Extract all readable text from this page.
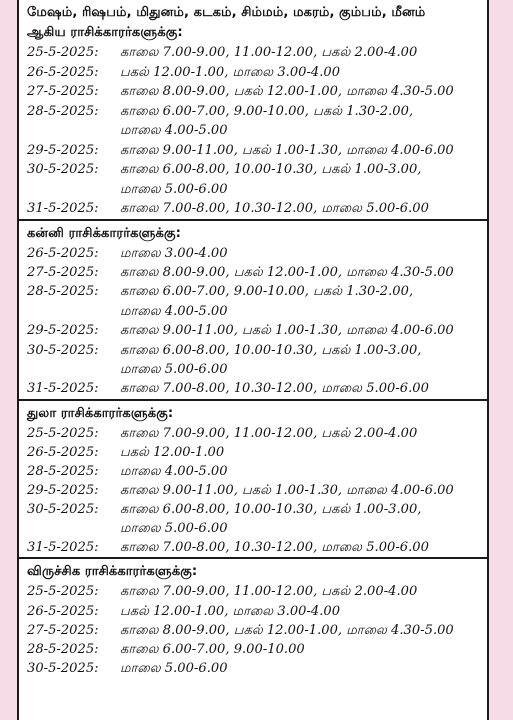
மேஷம், ரிஷபம், மிதுனம், கடகம், சிம்மம், மகரம், கும்பம், மீனம்
ஆகிய ராசிக்காரர்களுக்கு:
25-5-2025:	காலை 7.00-9.00, 11.00-12.00, பகல் 2.00-4.00
26-5-2025:	பகல் 12.00-1.00, மாலை 3.00-4.00
27-5-2025:	காலை 8.00-9.00, பகல் 12.00-1.00, மாலை 4.30-5.00
28-5-2025:	காலை 6.00-7.00, 9.00-10.00, பகல் 1.30-2.00,
மாலை 4.00-5.00
29-5-2025:	காலை 9.00-11.00, பகல் 1.00-1.30, மாலை 4.00-6.00
30-5-2025:	காலை 6.00-8.00, 10.00-10.30, பகல் 1.00-3.00,
மாலை 5.00-6.00
31-5-2025:	காலை 7.00-8.00, 10.30-12.00, மாலை 5.00-6.00
கன்னி ராசிக்காரர்களுக்கு:
26-5-2025:	மாலை 3.00-4.00
27-5-2025:	காலை 8.00-9.00, பகல் 12.00-1.00, மாலை 4.30-5.00
28-5-2025:	காலை 6.00-7.00, 9.00-10.00, பகல் 1.30-2.00,
மாலை 4.00-5.00
29-5-2025:	காலை 9.00-11.00, பகல் 1.00-1.30, மாலை 4.00-6.00
30-5-2025:	காலை 6.00-8.00, 10.00-10.30, பகல் 1.00-3.00,
மாலை 5.00-6.00
31-5-2025:	காலை 7.00-8.00, 10.30-12.00, மாலை 5.00-6.00
துலா ராசிக்காரர்களுக்கு:
25-5-2025:	காலை 7.00-9.00, 11.00-12.00, பகல் 2.00-4.00
26-5-2025:	பகல் 12.00-1.00
28-5-2025:	மாலை 4.00-5.00
29-5-2025:	காலை 9.00-11.00, பகல் 1.00-1.30, மாலை 4.00-6.00
30-5-2025:	காலை 6.00-8.00, 10.00-10.30, பகல் 1.00-3.00,
மாலை 5.00-6.00
31-5-2025:	காலை 7.00-8.00, 10.30-12.00, மாலை 5.00-6.00
விருச்சிக ராசிக்காரர்களுக்கு:
25-5-2025:	காலை 7.00-9.00, 11.00-12.00, பகல் 2.00-4.00
26-5-2025:	பகல் 12.00-1.00, மாலை 3.00-4.00
27-5-2025:	காலை 8.00-9.00, பகல் 12.00-1.00, மாலை 4.30-5.00
28-5-2025:	காலை 6.00-7.00, 9.00-10.00
30-5-2025:	மாலை 5.00-6.00
